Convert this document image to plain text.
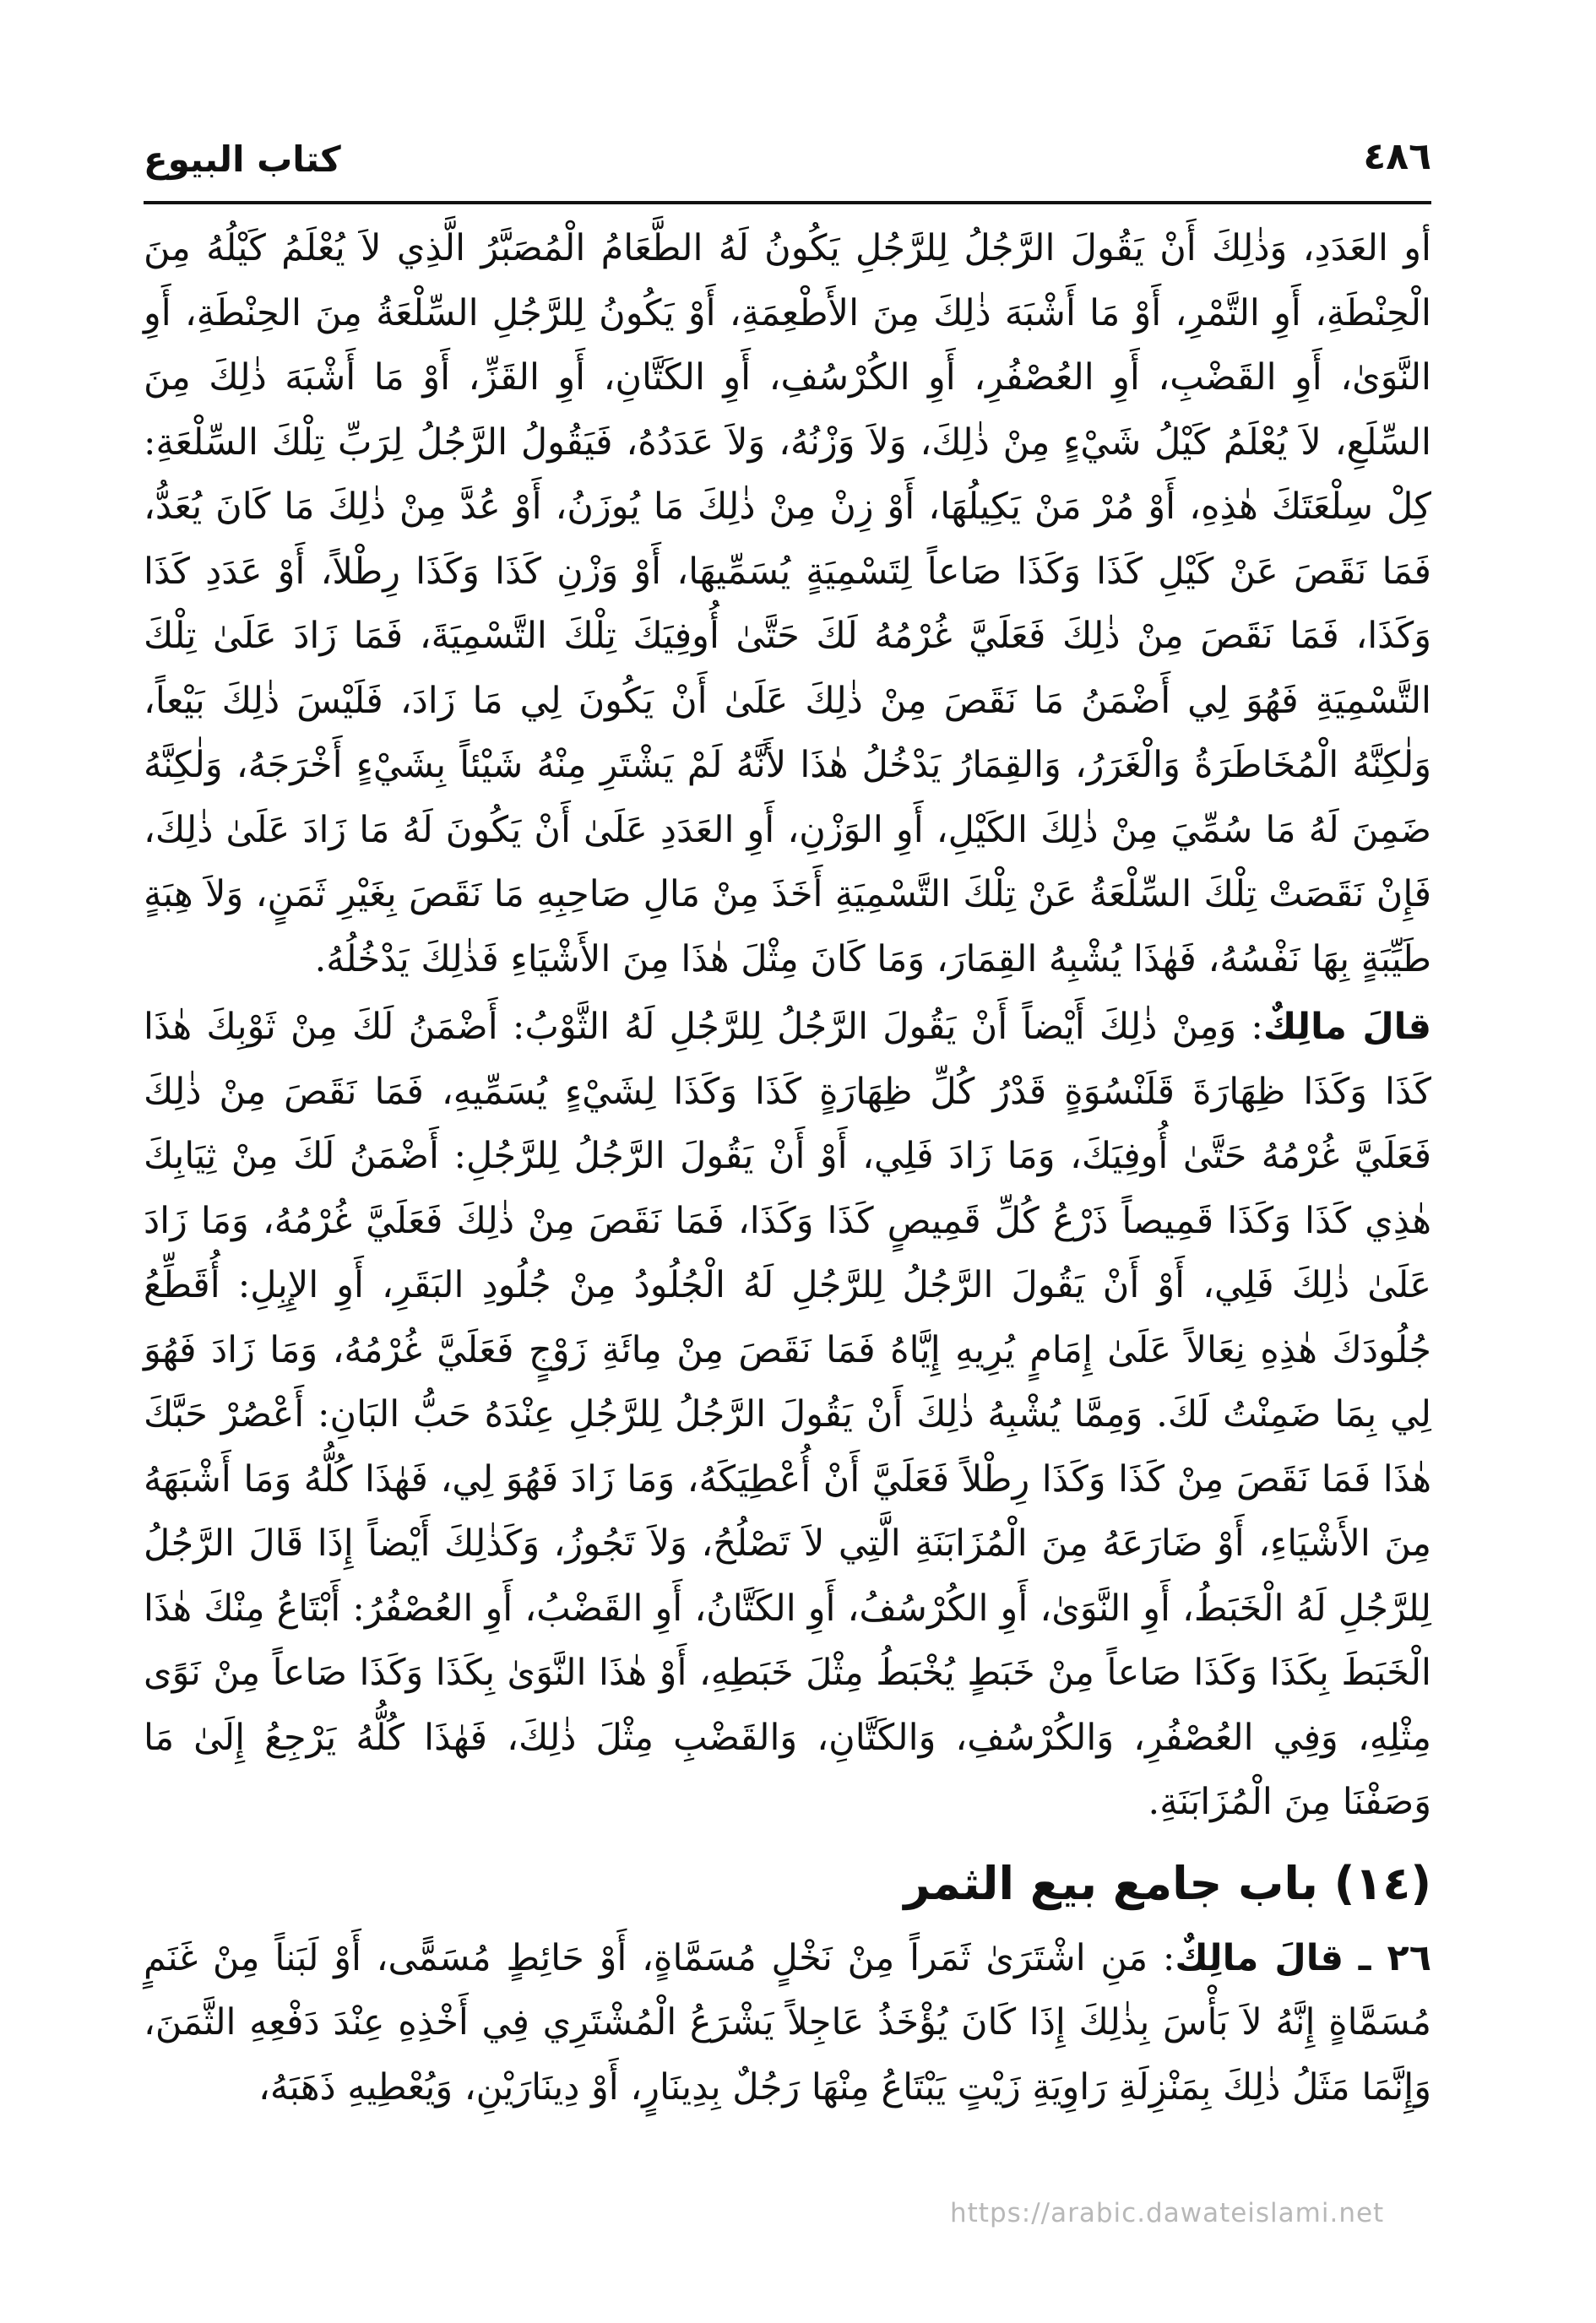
٤٨٦
كتاب البيوع

أو العَدَدِ، وَذٰلِكَ أَنْ يَقُولَ الرَّجُلُ لِلرَّجُلِ يَكُونُ لَهُ الطَّعَامُ الْمُصَبَّرُ الَّذِي لاَ يُعْلَمُ كَيْلُهُ مِنَ الْحِنْطَةِ، أَوِ التَّمْرِ، أَوْ مَا أَشْبَهَ ذٰلِكَ مِنَ الأَطْعِمَةِ، أَوْ يَكُونُ لِلرَّجُلِ السِّلْعَةُ مِنَ الحِنْطَةِ، أَوِ النَّوَىٰ، أَوِ القَضْبِ، أَوِ العُصْفُرِ، أَوِ الكُرْسُفِ، أَوِ الكَتَّانِ، أَوِ القَزِّ، أَوْ مَا أَشْبَهَ ذٰلِكَ مِنَ السِّلَعِ، لاَ يُعْلَمُ كَيْلُ شَيْءٍ مِنْ ذٰلِكَ، وَلاَ وَزْنُهُ، وَلاَ عَدَدُهُ، فَيَقُولُ الرَّجُلُ لِرَبِّ تِلْكَ السِّلْعَةِ: كِلْ سِلْعَتَكَ هٰذِهِ، أَوْ مُرْ مَنْ يَكِيلُهَا، أَوْ زِنْ مِنْ ذٰلِكَ مَا يُوزَنُ، أَوْ عُدَّ مِنْ ذٰلِكَ مَا كَانَ يُعَدُّ، فَمَا نَقَصَ عَنْ كَيْلِ كَذَا وَكَذَا صَاعاً لِتَسْمِيَةٍ يُسَمِّيهَا، أَوْ وَزْنِ كَذَا وَكَذَا رِطْلاً، أَوْ عَدَدِ كَذَا وَكَذَا، فَمَا نَقَصَ مِنْ ذٰلِكَ فَعَلَيَّ غُرْمُهُ لَكَ حَتَّىٰ أُوفِيَكَ تِلْكَ التَّسْمِيَةَ، فَمَا زَادَ عَلَىٰ تِلْكَ التَّسْمِيَةِ فَهُوَ لِي أَضْمَنُ مَا نَقَصَ مِنْ ذٰلِكَ عَلَىٰ أَنْ يَكُونَ لِي مَا زَادَ، فَلَيْسَ ذٰلِكَ بَيْعاً، وَلٰكِنَّهُ الْمُخَاطَرَةُ وَالْغَرَرُ، وَالقِمَارُ يَدْخُلُ هٰذَا لأَنَّهُ لَمْ يَشْتَرِ مِنْهُ شَيْئاً بِشَيْءٍ أَخْرَجَهُ، وَلٰكِنَّهُ ضَمِنَ لَهُ مَا سُمِّيَ مِنْ ذٰلِكَ الكَيْلِ، أَوِ الوَزْنِ، أَوِ العَدَدِ عَلَىٰ أَنْ يَكُونَ لَهُ مَا زَادَ عَلَىٰ ذٰلِكَ، فَإِنْ نَقَصَتْ تِلْكَ السِّلْعَةُ عَنْ تِلْكَ التَّسْمِيَةِ أَخَذَ مِنْ مَالِ صَاحِبِهِ مَا نَقَصَ بِغَيْرِ ثَمَنٍ، وَلاَ هِبَةٍ طَيِّبَةٍ بِهَا نَفْسُهُ، فَهٰذَا يُشْبِهُ القِمَارَ، وَمَا كَانَ مِثْلَ هٰذَا مِنَ الأَشْيَاءِ فَذٰلِكَ يَدْخُلُهُ.

قالَ مالِكٌ: وَمِنْ ذٰلِكَ أَيْضاً أَنْ يَقُولَ الرَّجُلُ لِلرَّجُلِ لَهُ الثَّوْبُ: أَضْمَنُ لَكَ مِنْ ثَوْبِكَ هٰذَا كَذَا وَكَذَا ظِهَارَةَ قَلَنْسُوَةٍ قَدْرُ كُلِّ ظِهَارَةٍ كَذَا وَكَذَا لِشَيْءٍ يُسَمِّيهِ، فَمَا نَقَصَ مِنْ ذٰلِكَ فَعَلَيَّ غُرْمُهُ حَتَّىٰ أُوفِيَكَ، وَمَا زَادَ فَلِي، أَوْ أَنْ يَقُولَ الرَّجُلُ لِلرَّجُلِ: أَضْمَنُ لَكَ مِنْ ثِيَابِكَ هٰذِي كَذَا وَكَذَا قَمِيصاً ذَرْعُ كُلِّ قَمِيصٍ كَذَا وَكَذَا، فَمَا نَقَصَ مِنْ ذٰلِكَ فَعَلَيَّ غُرْمُهُ، وَمَا زَادَ عَلَىٰ ذٰلِكَ فَلِي، أَوْ أَنْ يَقُولَ الرَّجُلُ لِلرَّجُلِ لَهُ الْجُلُودُ مِنْ جُلُودِ البَقَرِ، أَوِ الإِبِلِ: أُقَطِّعُ جُلُودَكَ هٰذِهِ نِعَالاً عَلَىٰ إِمَامٍ يُرِيهِ إِيَّاهُ فَمَا نَقَصَ مِنْ مِائَةِ زَوْجٍ فَعَلَيَّ غُرْمُهُ، وَمَا زَادَ فَهُوَ لِي بِمَا ضَمِنْتُ لَكَ. وَمِمَّا يُشْبِهُ ذٰلِكَ أَنْ يَقُولَ الرَّجُلُ لِلرَّجُلِ عِنْدَهُ حَبُّ البَانِ: أَعْصُرْ حَبَّكَ هٰذَا فَمَا نَقَصَ مِنْ كَذَا وَكَذَا رِطْلاً فَعَلَيَّ أَنْ أُعْطِيَكَهُ، وَمَا زَادَ فَهُوَ لِي، فَهٰذَا كُلُّهُ وَمَا أَشْبَهَهُ مِنَ الأَشْيَاءِ، أَوْ ضَارَعَهُ مِنَ الْمُزَابَنَةِ الَّتِي لاَ تَصْلُحُ، وَلاَ تَجُوزُ، وَكَذٰلِكَ أَيْضاً إِذَا قَالَ الرَّجُلُ لِلرَّجُلِ لَهُ الْخَبَطُ، أَوِ النَّوَىٰ، أَوِ الكُرْسُفُ، أَوِ الكَتَّانُ، أَوِ القَضْبُ، أَوِ العُصْفُرُ: أَبْتَاعُ مِنْكَ هٰذَا الْخَبَطَ بِكَذَا وَكَذَا صَاعاً مِنْ خَبَطٍ يُخْبَطُ مِثْلَ خَبَطِهِ، أَوْ هٰذَا النَّوَىٰ بِكَذَا وَكَذَا صَاعاً مِنْ نَوًى مِثْلِهِ، وَفِي العُصْفُرِ، وَالكُرْسُفِ، وَالكَتَّانِ، وَالقَضْبِ مِثْلَ ذٰلِكَ، فَهٰذَا كُلُّهُ يَرْجِعُ إِلَىٰ مَا وَصَفْنَا مِنَ الْمُزَابَنَةِ.

(١٤) باب جامع بيع الثمر

٢٦ ـ قالَ مالِكٌ: مَنِ اشْتَرَىٰ ثَمَراً مِنْ نَخْلٍ مُسَمَّاةٍ، أَوْ حَائِطٍ مُسَمًّى، أَوْ لَبَناً مِنْ غَنَمٍ مُسَمَّاةٍ إِنَّهُ لاَ بَأْسَ بِذٰلِكَ إِذَا كَانَ يُؤْخَذُ عَاجِلاً يَشْرَعُ الْمُشْتَرِي فِي أَخْذِهِ عِنْدَ دَفْعِهِ الثَّمَنَ، وَإِنَّمَا مَثَلُ ذٰلِكَ بِمَنْزِلَةِ رَاوِيَةِ زَيْتٍ يَبْتَاعُ مِنْهَا رَجُلٌ بِدِينَارٍ، أَوْ دِينَارَيْنِ، وَيُعْطِيهِ ذَهَبَهُ،

https://arabic.dawateislami.net
